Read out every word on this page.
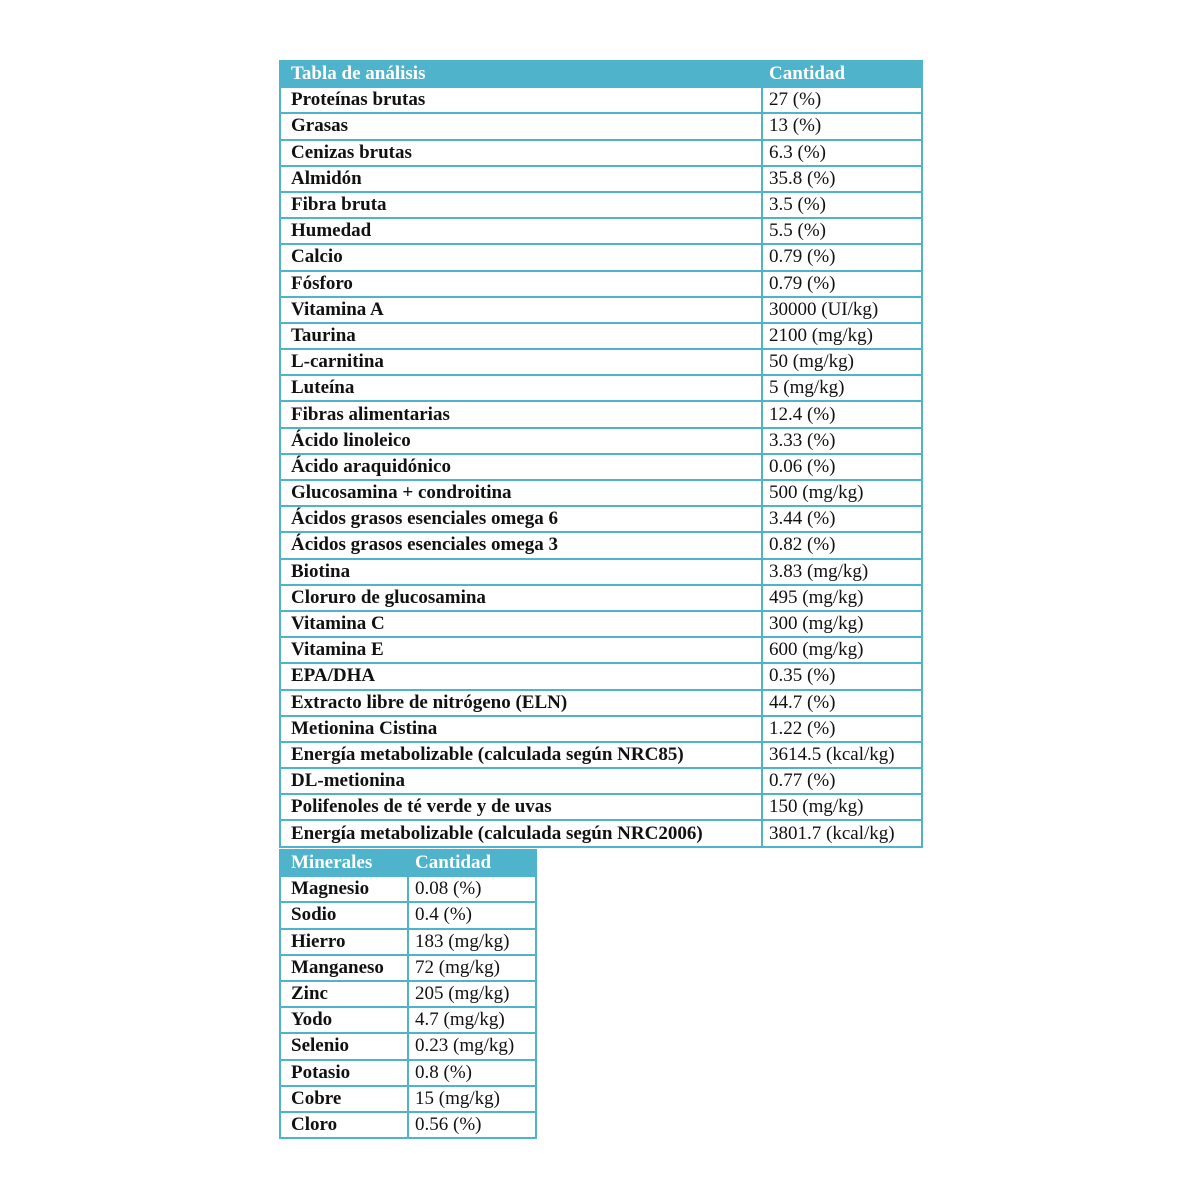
Tabla de análisis	Cantidad
Proteínas brutas	27 (%)
Grasas	13 (%)
Cenizas brutas	6.3 (%)
Almidón	35.8 (%)
Fibra bruta	3.5 (%)
Humedad	5.5 (%)
Calcio	0.79 (%)
Fósforo	0.79 (%)
Vitamina A	30000 (UI/kg)
Taurina	2100 (mg/kg)
L-carnitina	50 (mg/kg)
Luteína	5 (mg/kg)
Fibras alimentarias	12.4 (%)
Ácido linoleico	3.33 (%)
Ácido araquidónico	0.06 (%)
Glucosamina + condroitina	500 (mg/kg)
Ácidos grasos esenciales omega 6	3.44 (%)
Ácidos grasos esenciales omega 3	0.82 (%)
Biotina	3.83 (mg/kg)
Cloruro de glucosamina	495 (mg/kg)
Vitamina C	300 (mg/kg)
Vitamina E	600 (mg/kg)
EPA/DHA	0.35 (%)
Extracto libre de nitrógeno (ELN)	44.7 (%)
Metionina Cistina	1.22 (%)
Energía metabolizable (calculada según NRC85)	3614.5 (kcal/kg)
DL-metionina	0.77 (%)
Polifenoles de té verde y de uvas	150 (mg/kg)
Energía metabolizable (calculada según NRC2006)	3801.7 (kcal/kg)
Minerales	Cantidad
Magnesio	0.08 (%)
Sodio	0.4 (%)
Hierro	183 (mg/kg)
Manganeso	72 (mg/kg)
Zinc	205 (mg/kg)
Yodo	4.7 (mg/kg)
Selenio	0.23 (mg/kg)
Potasio	0.8 (%)
Cobre	15 (mg/kg)
Cloro	0.56 (%)
